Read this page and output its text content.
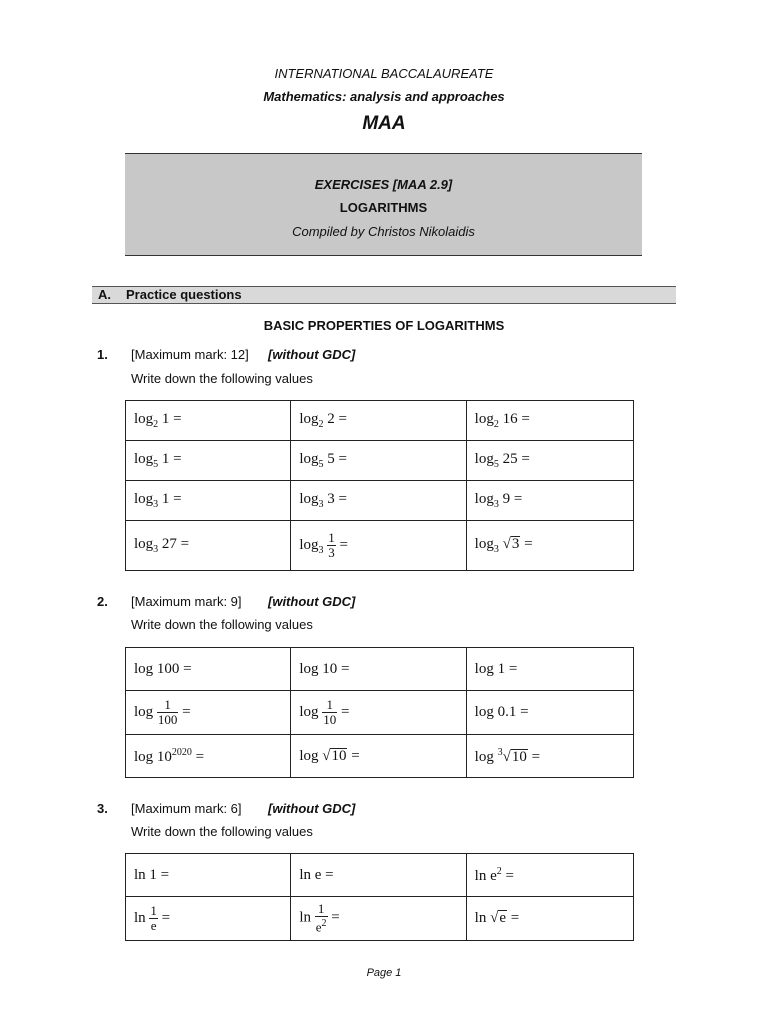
INTERNATIONAL BACCALAUREATE
Mathematics: analysis and approaches
MAA
EXERCISES [MAA 2.9]
LOGARITHMS
Compiled by Christos Nikolaidis
A. Practice questions
BASIC PROPERTIES OF LOGARITHMS
1. [Maximum mark: 12] [without GDC]
Write down the following values
$\log_2 1$ =	$\log_2 2$ =	$\log_2 16$ =
$\log_5 1$ =	$\log_5 5$ =	$\log_5 25$ =
$\log_3 1$ =	$\log_3 3$ =	$\log_3 9$ =
$\log_3 27$ =	$\log_3 \frac{1}{3}$ =	$\log_3 √3$ =
2. [Maximum mark: 9] [without GDC]
Write down the following values
log 100 =	log 10 =	log 1 =
$\log \frac{1}{100}$ =	$\log \frac{1}{10}$ =	log 0.1 =
$\log 10^{2020}$ =	log √10 =	log $^3$√10 =
3. [Maximum mark: 6] [without GDC]
Write down the following values
ln 1 =	ln e =	$\ln e^2$ =
$\ln \frac{1}{e}$ =	$\ln \frac{1}{e^2}$ =	ln √e =
Page 1
